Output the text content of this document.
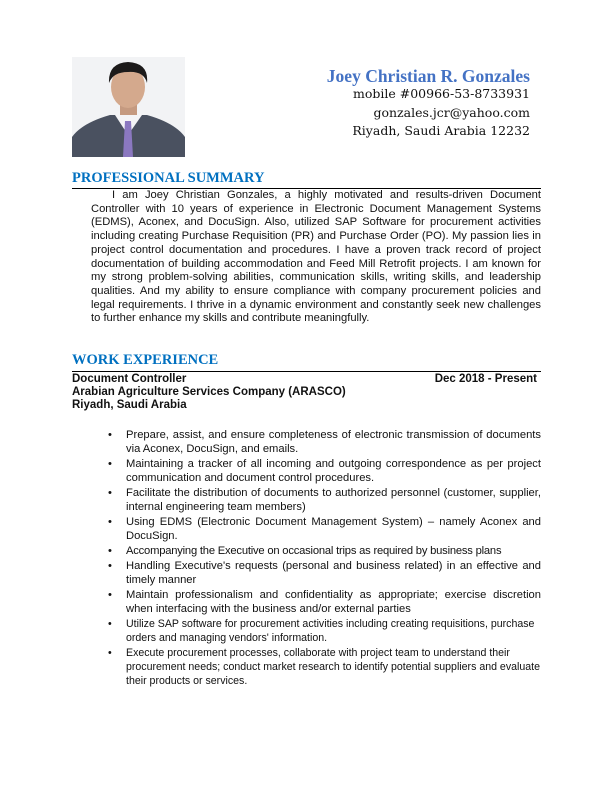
Joey Christian R. Gonzales
mobile #00966-53-8733931
gonzales.jcr@yahoo.com
Riyadh, Saudi Arabia 12232
PROFESSIONAL SUMMARY

I am Joey Christian Gonzales, a highly motivated and results-driven Document Controller with 10 years of experience in Electronic Document Management Systems (EDMS), Aconex, and DocuSign. Also, utilized SAP Software for procurement activities including creating Purchase Requisition (PR) and Purchase Order (PO). My passion lies in project control documentation and procedures. I have a proven track record of project documentation of building accommodation and Feed Mill Retrofit projects. I am known for my strong problem-solving abilities, communication skills, writing skills, and leadership qualities. And my ability to ensure compliance with company procurement policies and legal requirements. I thrive in a dynamic environment and constantly seek new challenges to further enhance my skills and contribute meaningfully.

WORK EXPERIENCE
Document Controller	Dec 2018 - Present
Arabian Agriculture Services Company (ARASCO)
Riyadh, Saudi Arabia
• Prepare, assist, and ensure completeness of electronic transmission of documents via Aconex, DocuSign, and emails.
• Maintaining a tracker of all incoming and outgoing correspondence as per project communication and document control procedures.
• Facilitate the distribution of documents to authorized personnel (customer, supplier, internal engineering team members)
• Using EDMS (Electronic Document Management System) – namely Aconex and DocuSign.
• Accompanying the Executive on occasional trips as required by business plans
• Handling Executive's requests (personal and business related) in an effective and timely manner
• Maintain professionalism and confidentiality as appropriate; exercise discretion when interfacing with the business and/or external parties
• Utilize SAP software for procurement activities including creating requisitions, purchase orders and managing vendors' information.
• Execute procurement processes, collaborate with project team to understand their procurement needs; conduct market research to identify potential suppliers and evaluate their products or services.
